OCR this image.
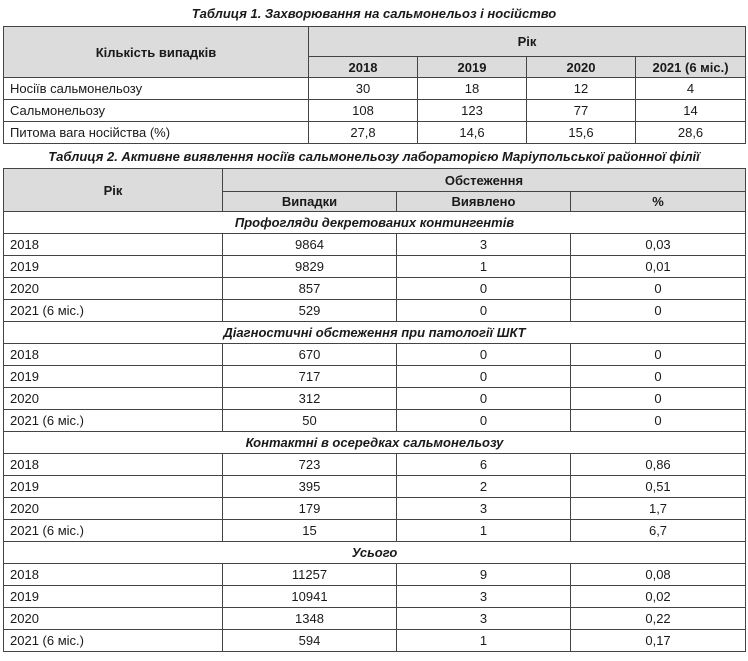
Таблиця 1. Захворювання на сальмонельоз і носійство
Кількість випадків	Рік			
	2018	2019	2020	2021 (6 міс.)
Носіїв сальмонельозу	30	18	12	4
Сальмонельозу	108	123	77	14
Питома вага носійства (%)	27,8	14,6	15,6	28,6
Таблиця 2. Активне виявлення носіїв сальмонельозу лабораторією Маріупольської районної філії
Рік	Обстеження		
	Випадки	Виявлено	%
Профогляди декретованих контингентів			
2018	9864	3	0,03
2019	9829	1	0,01
2020	857	0	0
2021 (6 міс.)	529	0	0
Діагностичні обстеження при патології ШКТ			
2018	670	0	0
2019	717	0	0
2020	312	0	0
2021 (6 міс.)	50	0	0
Контактні в осередках сальмонельозу			
2018	723	6	0,86
2019	395	2	0,51
2020	179	3	1,7
2021 (6 міс.)	15	1	6,7
Усього			
2018	11257	9	0,08
2019	10941	3	0,02
2020	1348	3	0,22
2021 (6 міс.)	594	1	0,17
